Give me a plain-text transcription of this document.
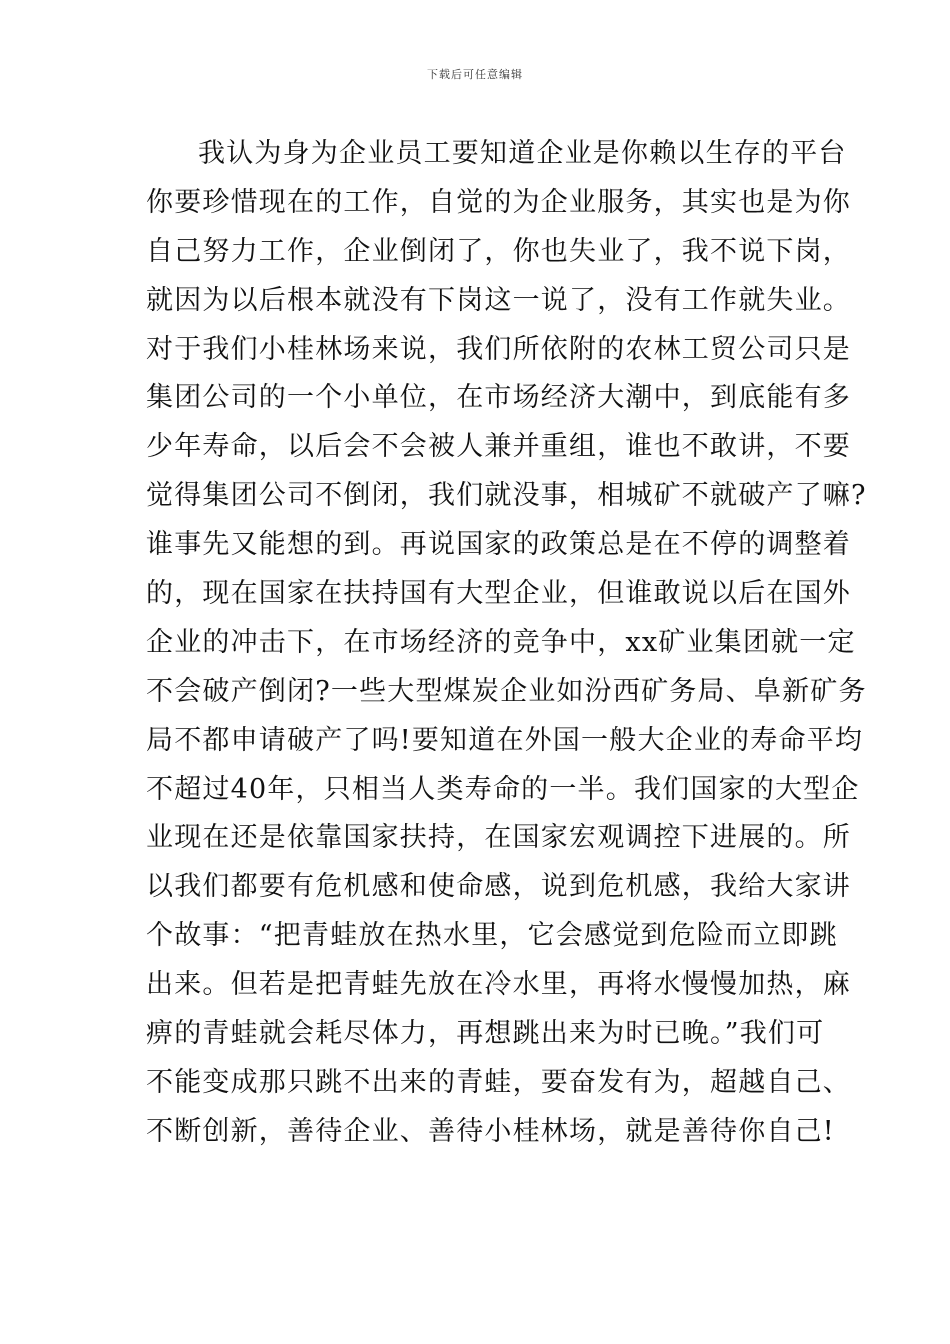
下载后可任意编辑
我认为身为企业员工要知道企业是你赖以生存的平台
你要珍惜现在的工作，自觉的为企业服务，其实也是为你
自己努力工作，企业倒闭了，你也失业了，我不说下岗，
就因为以后根本就没有下岗这一说了，没有工作就失业。
对于我们小桂林场来说，我们所依附的农林工贸公司只是
集团公司的一个小单位，在市场经济大潮中，到底能有多
少年寿命，以后会不会被人兼并重组，谁也不敢讲，不要
觉得集团公司不倒闭，我们就没事，相城矿不就破产了嘛?
谁事先又能想的到。再说国家的政策总是在不停的调整着
的，现在国家在扶持国有大型企业，但谁敢说以后在国外
企业的冲击下，在市场经济的竞争中，xx矿业集团就一定
不会破产倒闭?一些大型煤炭企业如汾西矿务局、阜新矿务
局不都申请破产了吗!要知道在外国一般大企业的寿命平均
不超过40年，只相当人类寿命的一半。我们国家的大型企
业现在还是依靠国家扶持，在国家宏观调控下进展的。所
以我们都要有危机感和使命感，说到危机感，我给大家讲
个故事：“把青蛙放在热水里，它会感觉到危险而立即跳
出来。但若是把青蛙先放在冷水里，再将水慢慢加热，麻
痹的青蛙就会耗尽体力，再想跳出来为时已晚。”我们可
不能变成那只跳不出来的青蛙，要奋发有为，超越自己、
不断创新，善待企业、善待小桂林场，就是善待你自己!
